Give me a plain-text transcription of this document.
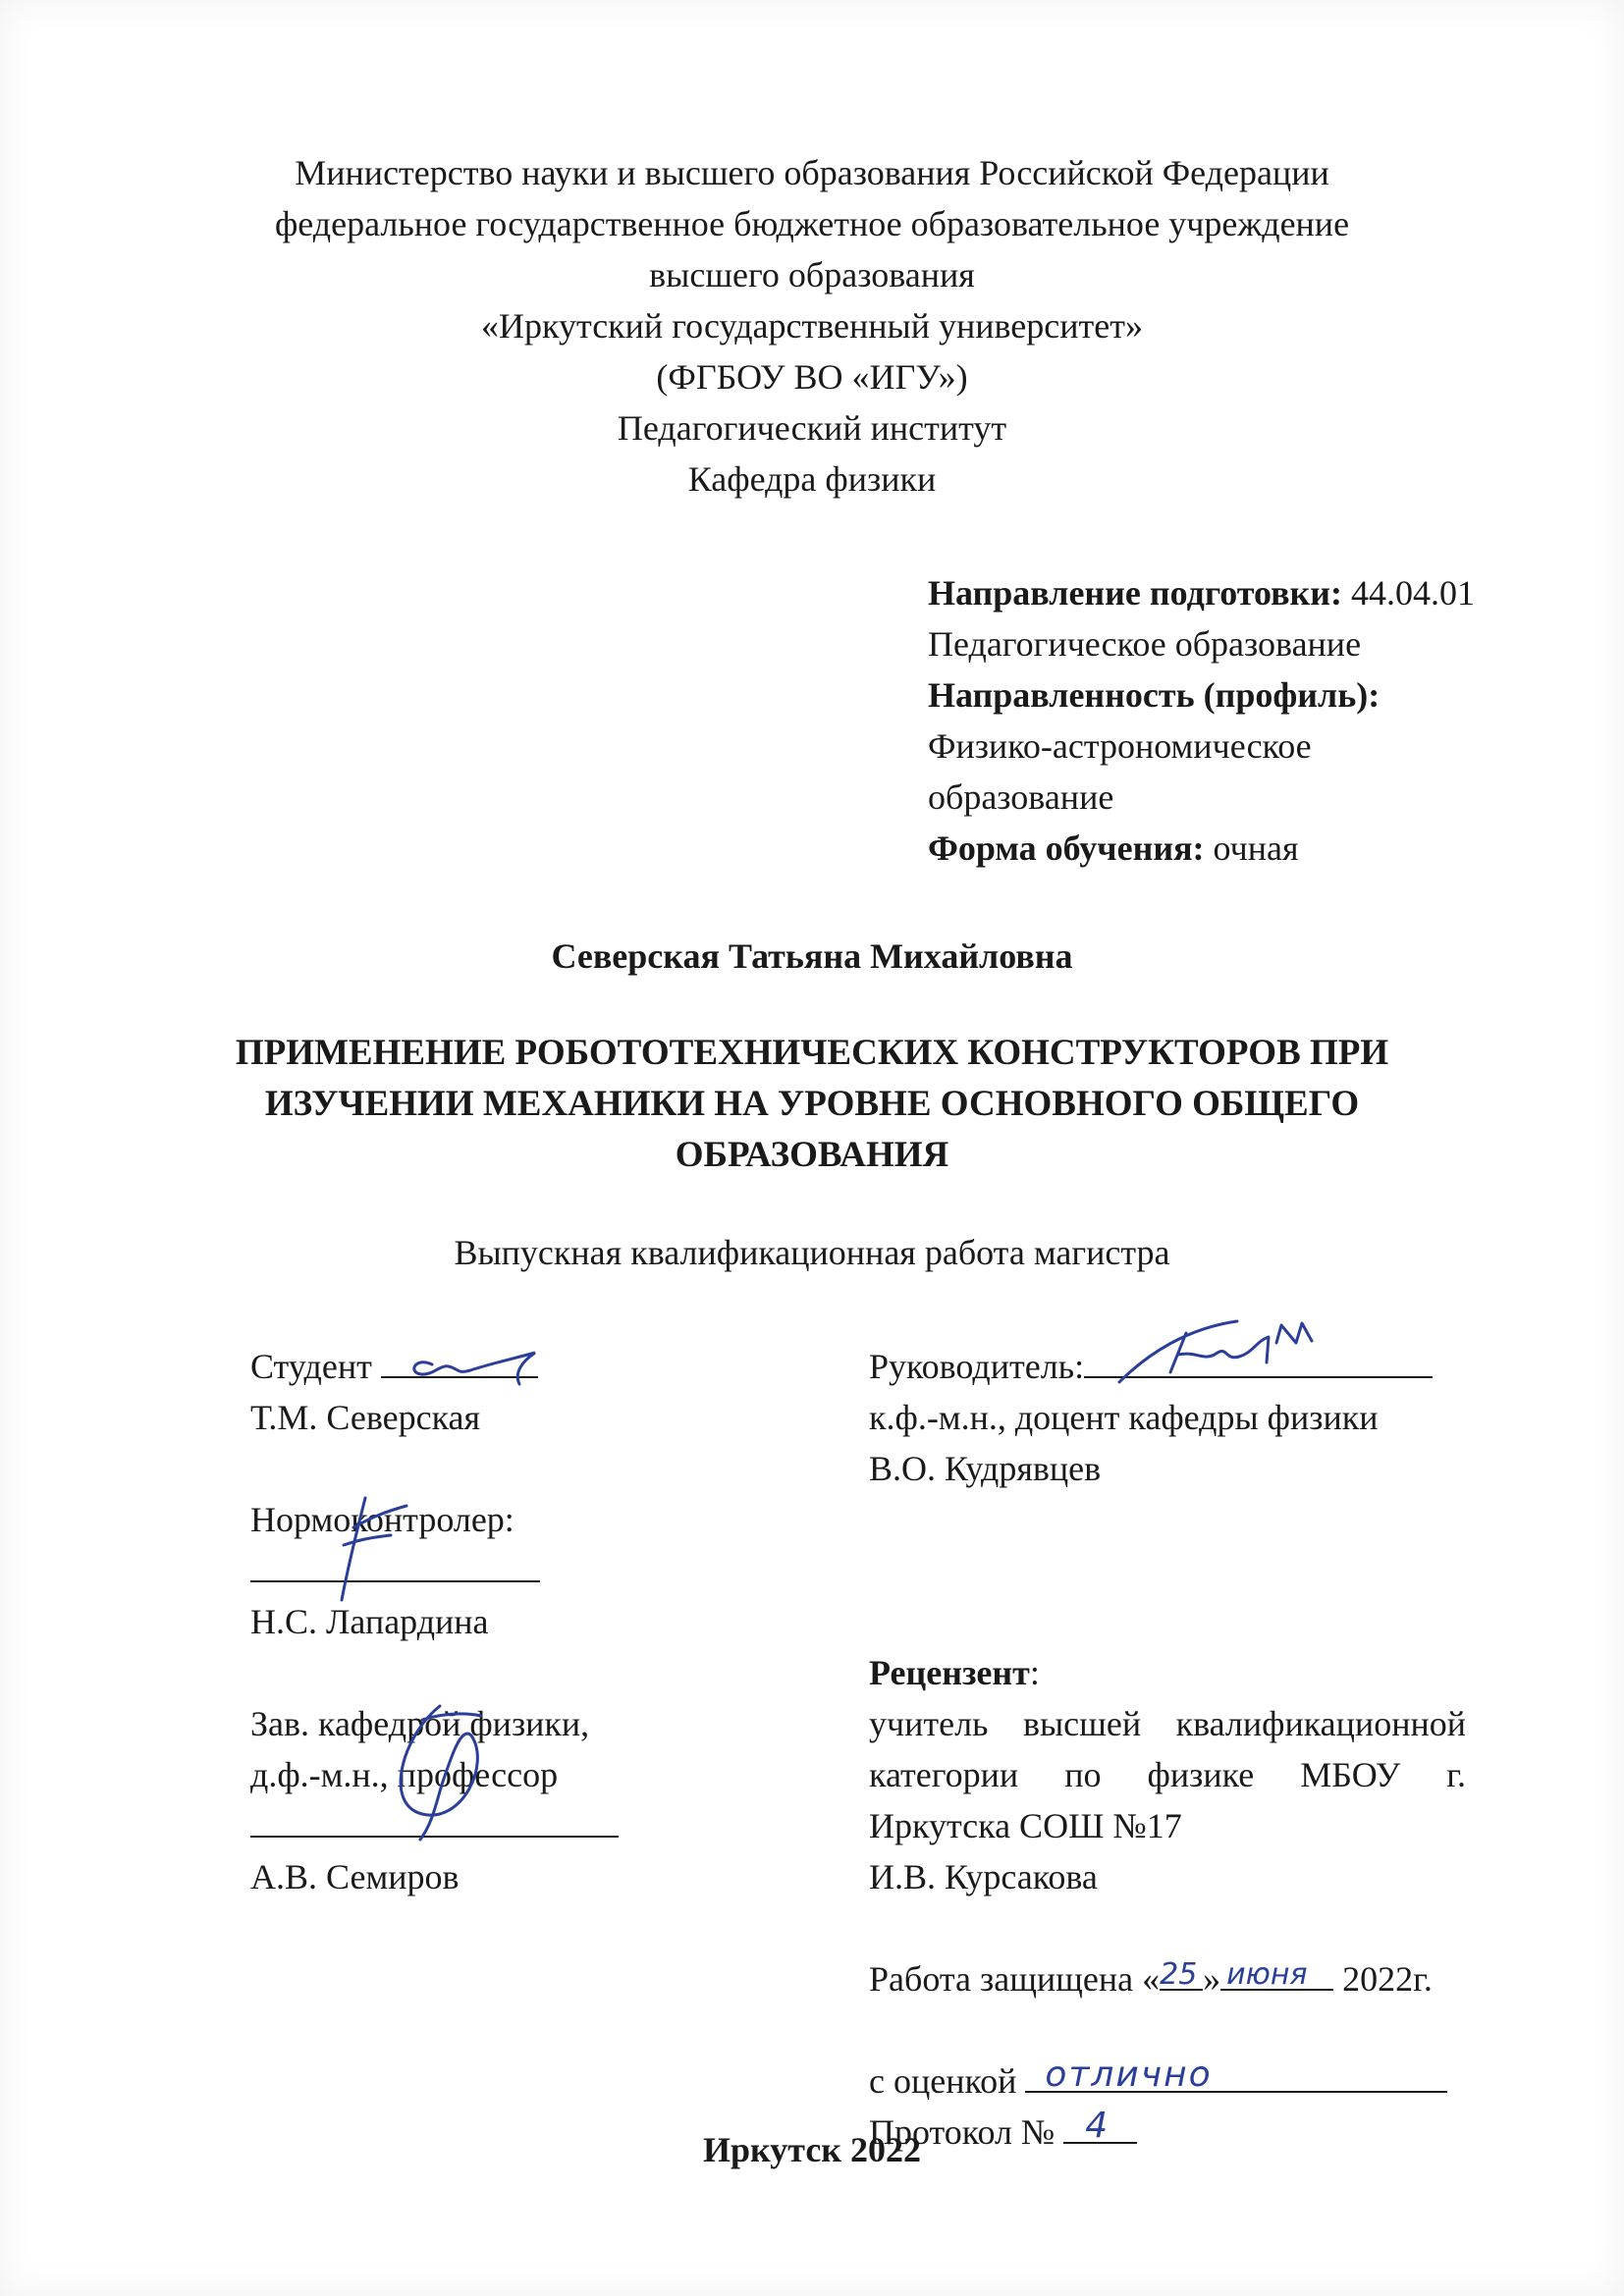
Министерство науки и высшего образования Российской Федерации
федеральное государственное бюджетное образовательное учреждение
высшего образования
«Иркутский государственный университет»
(ФГБОУ ВО «ИГУ»)
Педагогический институт
Кафедра физики
Направление подготовки: 44.04.01
Педагогическое образование
Направленность (профиль):
Физико-астрономическое
образование
Форма обучения: очная
Северская Татьяна Михайловна
ПРИМЕНЕНИЕ РОБОТОТЕХНИЧЕСКИХ КОНСТРУКТОРОВ ПРИ
ИЗУЧЕНИИ МЕХАНИКИ НА УРОВНЕ ОСНОВНОГО ОБЩЕГО
ОБРАЗОВАНИЯ
Выпускная квалификационная работа магистра
Студент
Т.М. Северская
Нормоконтролер:
Н.С. Лапардина
Зав. кафедрой физики,
д.ф.-м.н., профессор
А.В. Семиров
Руководитель:
к.ф.-м.н., доцент кафедры физики
В.О. Кудрявцев
Рецензент:
учитель высшей квалификационной категории по физике МБОУ г. Иркутска СОШ №17
И.В. Курсакова
Работа защищена « 25 » июня 2022г.
с оценкой отлично
Протокол № 4
Иркутск 2022
